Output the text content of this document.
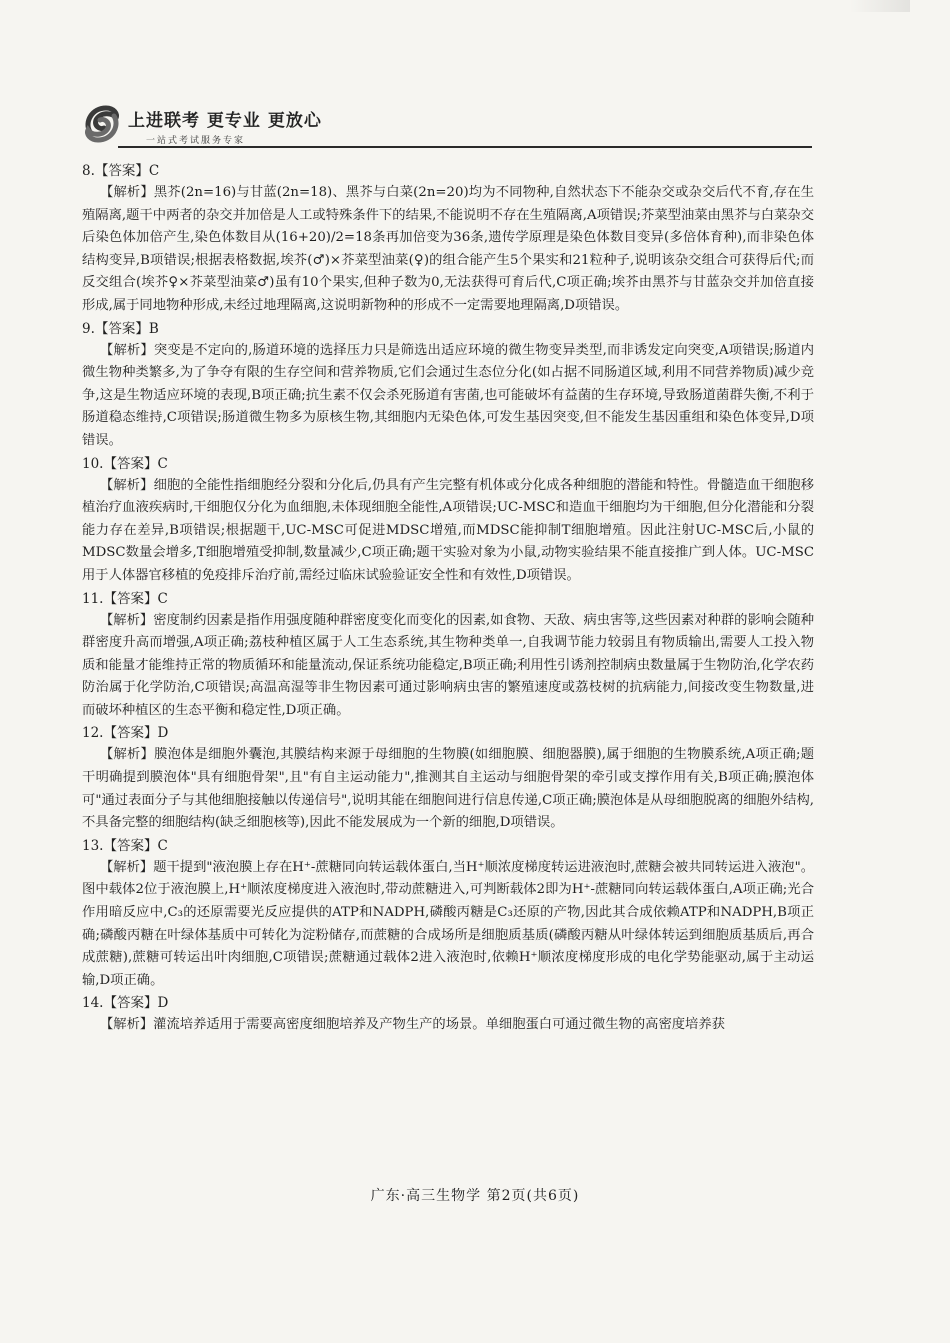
上进联考 更专业 更放心
一站式考试服务专家
8.【答案】C

【解析】黑芥(2n=16)与甘蓝(2n=18)、黑芥与白菜(2n=20)均为不同物种,自然状态下不能杂交或杂交后代不育,存在生殖隔离,题干中两者的杂交并加倍是人工或特殊条件下的结果,不能说明不存在生殖隔离,A项错误;芥菜型油菜由黑芥与白菜杂交后染色体加倍产生,染色体数目从(16+20)/2=18条再加倍变为36条,遗传学原理是染色体数目变异(多倍体育种),而非染色体结构变异,B项错误;根据表格数据,埃芥(♂)×芥菜型油菜(♀)的组合能产生5个果实和21粒种子,说明该杂交组合可获得后代;而反交组合(埃芥♀×芥菜型油菜♂)虽有10个果实,但种子数为0,无法获得可育后代,C项正确;埃芥由黑芥与甘蓝杂交并加倍直接形成,属于同地物种形成,未经过地理隔离,这说明新物种的形成不一定需要地理隔离,D项错误。

9.【答案】B

【解析】突变是不定向的,肠道环境的选择压力只是筛选出适应环境的微生物变异类型,而非诱发定向突变,A项错误;肠道内微生物种类繁多,为了争夺有限的生存空间和营养物质,它们会通过生态位分化(如占据不同肠道区域,利用不同营养物质)减少竞争,这是生物适应环境的表现,B项正确;抗生素不仅会杀死肠道有害菌,也可能破坏有益菌的生存环境,导致肠道菌群失衡,不利于肠道稳态维持,C项错误;肠道微生物多为原核生物,其细胞内无染色体,可发生基因突变,但不能发生基因重组和染色体变异,D项错误。

10.【答案】C

【解析】细胞的全能性指细胞经分裂和分化后,仍具有产生完整有机体或分化成各种细胞的潜能和特性。骨髓造血干细胞移植治疗血液疾病时,干细胞仅分化为血细胞,未体现细胞全能性,A项错误;UC-MSC和造血干细胞均为干细胞,但分化潜能和分裂能力存在差异,B项错误;根据题干,UC-MSC可促进MDSC增殖,而MDSC能抑制T细胞增殖。因此注射UC-MSC后,小鼠的MDSC数量会增多,T细胞增殖受抑制,数量减少,C项正确;题干实验对象为小鼠,动物实验结果不能直接推广到人体。UC-MSC用于人体器官移植的免疫排斥治疗前,需经过临床试验验证安全性和有效性,D项错误。

11.【答案】C

【解析】密度制约因素是指作用强度随种群密度变化而变化的因素,如食物、天敌、病虫害等,这些因素对种群的影响会随种群密度升高而增强,A项正确;荔枝种植区属于人工生态系统,其生物种类单一,自我调节能力较弱且有物质输出,需要人工投入物质和能量才能维持正常的物质循环和能量流动,保证系统功能稳定,B项正确;利用性引诱剂控制病虫数量属于生物防治,化学农药防治属于化学防治,C项错误;高温高湿等非生物因素可通过影响病虫害的繁殖速度或荔枝树的抗病能力,间接改变生物数量,进而破坏种植区的生态平衡和稳定性,D项正确。

12.【答案】D

【解析】膜泡体是细胞外囊泡,其膜结构来源于母细胞的生物膜(如细胞膜、细胞器膜),属于细胞的生物膜系统,A项正确;题干明确提到膜泡体"具有细胞骨架",且"有自主运动能力",推测其自主运动与细胞骨架的牵引或支撑作用有关,B项正确;膜泡体可"通过表面分子与其他细胞接触以传递信号",说明其能在细胞间进行信息传递,C项正确;膜泡体是从母细胞脱离的细胞外结构,不具备完整的细胞结构(缺乏细胞核等),因此不能发展成为一个新的细胞,D项错误。

13.【答案】C

【解析】题干提到"液泡膜上存在H⁺-蔗糖同向转运载体蛋白,当H⁺顺浓度梯度转运进液泡时,蔗糖会被共同转运进入液泡"。图中载体2位于液泡膜上,H⁺顺浓度梯度进入液泡时,带动蔗糖进入,可判断载体2即为H⁺-蔗糖同向转运载体蛋白,A项正确;光合作用暗反应中,C₃的还原需要光反应提供的ATP和NADPH,磷酸丙糖是C₃还原的产物,因此其合成依赖ATP和NADPH,B项正确;磷酸丙糖在叶绿体基质中可转化为淀粉储存,而蔗糖的合成场所是细胞质基质(磷酸丙糖从叶绿体转运到细胞质基质后,再合成蔗糖),蔗糖可转运出叶肉细胞,C项错误;蔗糖通过载体2进入液泡时,依赖H⁺顺浓度梯度形成的电化学势能驱动,属于主动运输,D项正确。

14.【答案】D

【解析】灌流培养适用于需要高密度细胞培养及产物生产的场景。单细胞蛋白可通过微生物的高密度培养获

广东·高三生物学 第2页(共6页)
